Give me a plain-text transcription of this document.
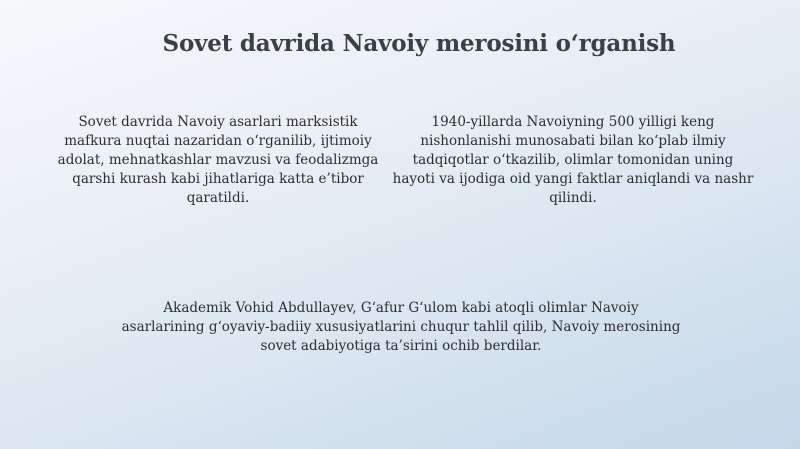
Sovet davrida Navoiy merosini o‘rganish
Sovet davrida Navoiy asarlari marksistik mafkura nuqtai nazaridan o‘rganilib, ijtimoiy adolat, mehnatkashlar mavzusi va feodalizmga qarshi kurash kabi jihatlariga katta e’tibor qaratildi.
1940-yillarda Navoiyning 500 yilligi keng nishonlanishi munosabati bilan ko‘plab ilmiy tadqiqotlar o‘tkazilib, olimlar tomonidan uning hayoti va ijodiga oid yangi faktlar aniqlandi va nashr qilindi.
Akademik Vohid Abdullayev, G‘afur G‘ulom kabi atoqli olimlar Navoiy asarlarining g‘oyaviy-badiiy xususiyatlarini chuqur tahlil qilib, Navoiy merosining sovet adabiyotiga ta’sirini ochib berdilar.
